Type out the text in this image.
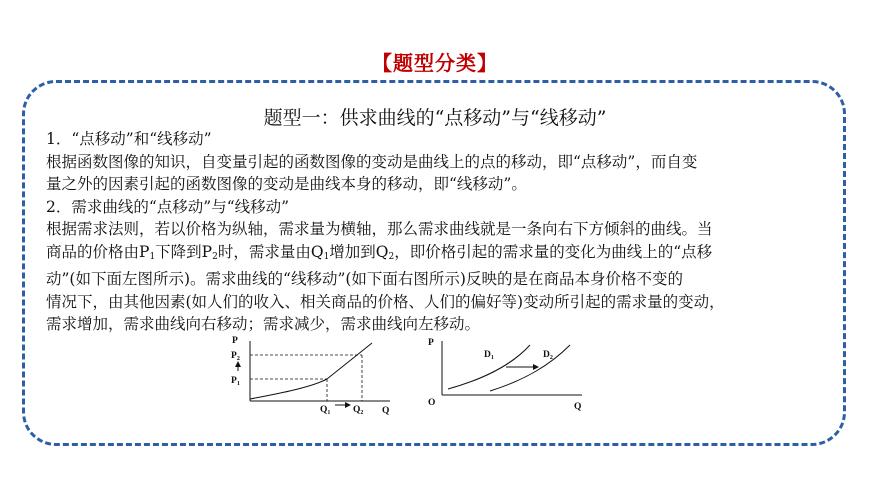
【题型分类】
题型一：供求曲线的“点移动”与“线移动”

1．“点移动”和“线移动”

根据函数图像的知识，自变量引起的函数图像的变动是曲线上的点的移动，即“点移动”，而自变

量之外的因素引起的函数图像的变动是曲线本身的移动，即“线移动”。

2．需求曲线的“点移动”与“线移动”

根据需求法则，若以价格为纵轴，需求量为横轴，那么需求曲线就是一条向右下方倾斜的曲线。当

商品的价格由$P_1$下降到$P_2$时，需求量由$Q_1$增加到$Q_2$，即价格引起的需求量的变化为曲线上的“点移

动”(如下面左图所示)。需求曲线的“线移动”(如下面右图所示)反映的是在商品本身价格不变的

情况下，由其他因素(如人们的收入、相关商品的价格、人们的偏好等)变动所引起的需求量的变动，

需求增加，需求曲线向右移动；需求减少，需求曲线向左移动。

P
Q
$P_2$
$P_1$
$Q_1$ $Q_2$
P
O	Q
$D_1$	$D_2$
